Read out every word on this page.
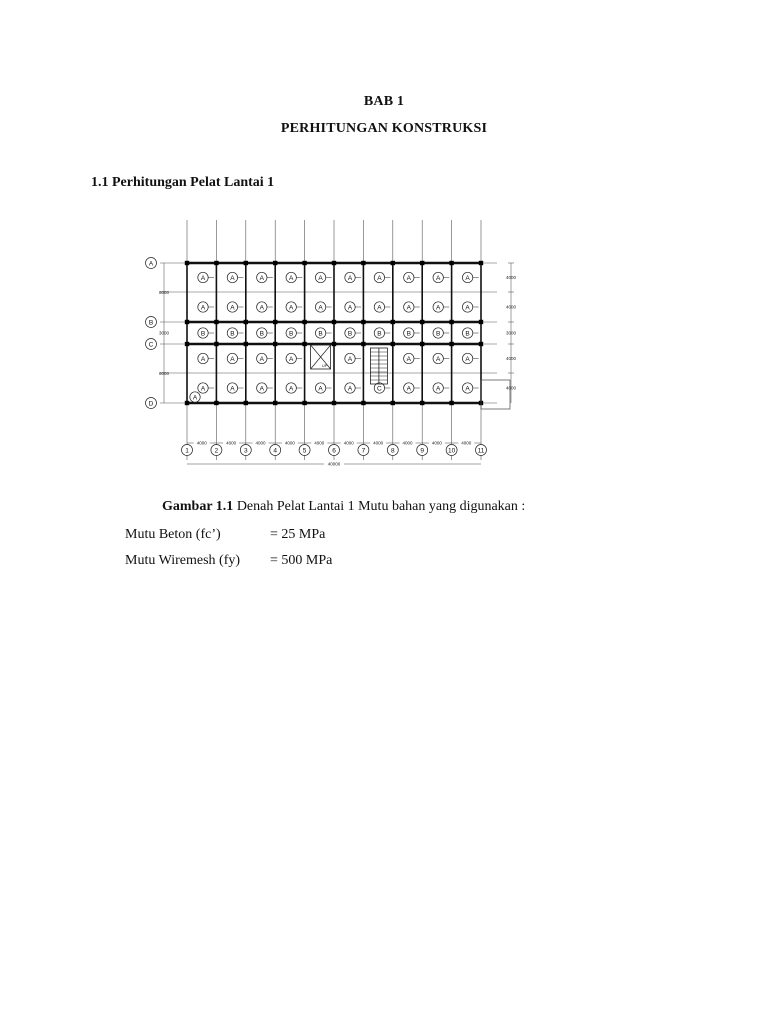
BAB 1
PERHITUNGAN KONSTRUKSI
1.1 Perhitungan Pelat Lantai 1
A	A	A	A	A	A	A	A	A	A
A	A	A	A	A	A	A	A	A	A
B	B	B	B	B	B	B	B	B	B
A	A	A	A	A	A	A	A
A	A	A	A	A	A	C	A	A	A
A
UP
A
B
C
D
8000
3000
8000
4000
4000
3000
4000
4000
4000	4000	4000	4000	4000	4000	4000	4000	4000	4000
1	2	3	4	5	6	7	8	9	10	11
40000
Gambar 1.1 Denah Pelat Lantai 1 Mutu bahan yang digunakan :
Mutu Beton (fc’)	= 25 MPa
Mutu Wiremesh (fy) = 500 MPa
